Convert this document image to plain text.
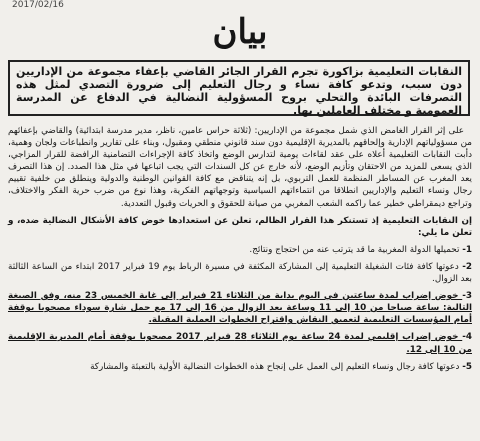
2017/02/16
بيان
النقابات التعليمية بزاكورة تجرم القرار الجائر القاضي بإعفاء مجموعة من الإداريين دون سبب، وتدعو كافة نساء و رجال التعليم إلى ضرورة التصدي لمثل هذه التصرفات البائدة والتحلي بروح المسؤولية النضالية في الدفاع عن المدرسة العمومية و مختلف العاملين بها.

على إثر القرار الغامض الذي شمل مجموعة من الإداريين: (ثلاثة حراس عامين، ناظر، مدير مدرسة ابتدائية) والقاضي بإعفائهم من مسؤولياتهم الإدارية وإلحاقهم بالمديرية الإقليمية دون سند قانوني منطقي ومقبول، وبناء على تقارير وانطباعات ولجان وهمية، دأبت النقابات التعليمية أعلاه على عقد لقاءات يومية لتدارس الوضع واتخاذ كافة الإجراءات التضامنية الرافضة للقرار المزاجي، الذي يسعى للمزيد من الاحتقان وتأزيم الوضع، لأنه خارج عن كل السندات التي يجب اتباعها في مثل هذا الصدد. إن هذا التصرف يعد المغرب عن المساطر المنظمة للعمل التربوي، بل إنه يتناقض مع كافة القوانين الوطنية والدولية وينطلق من خلفية تقييم رجال ونساء التعليم والإداريين انطلاقا من انتماءاتهم السياسية وتوجهاتهم الفكرية، وهذا نوع من ضرب حرية الفكر والاختلاف، وتراجع ديمقراطي خطير عما راكمه الشعب المغربي من صيانة للحقوق و الحريات وقبول التعددية.

إن النقابات التعليمية إذ تستنكر هذا القرار الظالم، تعلن عن استعدادها خوض كافة الأشكال النضالية ضده، و تعلن ما يلي:

1- تحميلها الدولة المغربية ما قد يترتب عنه من احتجاج ونتائج.

2- دعوتها كافة فئات الشغيلة التعليمية إلى المشاركة المكثفة في مسيرة الرباط يوم 19 فبراير 2017 ابتداء من الساعة الثالثة بعد الزوال.

3- خوض إضراب لمدة ساعتين في اليوم بداية من الثلاثاء 21 فبراير إلى غاية الخميس 23 منه، وفق الصيغة التالية: ساعة صباحا من 10 إلى 11 وساعة بعد الزوال من 16 إلى 17 مع حمل شارة سوداء مصحوبا بوقفة أمام المؤسسات التعليمية لتعميق النقاش واقتراح الخطوات العملية المقبلة.

4- خوض إضراب إقليمي لمدة 24 ساعة يوم الثلاثاء 28 فبراير 2017 مصحوبا بوقفة أمام المديرية الإقليمية من 10 إلى 12.

5- دعوتها كافة رجال ونساء التعليم إلى العمل على إنجاح هذه الخطوات النضالية الأولية بالتعبئة والمشاركة
